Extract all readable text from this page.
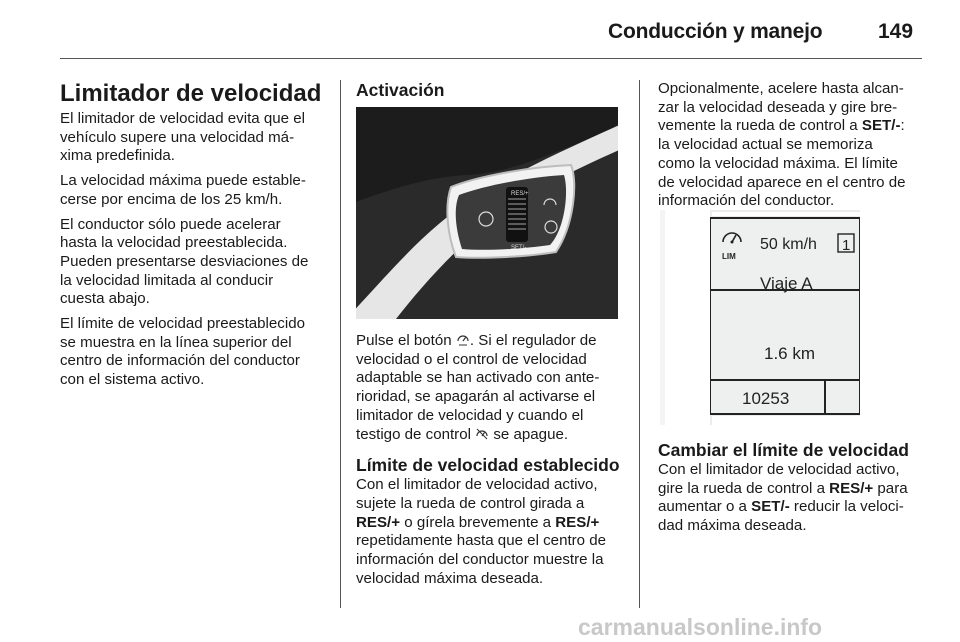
Conducción y manejo	149
Limitador de velocidad

El limitador de velocidad evita que el
vehículo supere una velocidad má-
xima predefinida.

La velocidad máxima puede estable-
cerse por encima de los 25 km/h.

El conductor sólo puede acelerar
hasta la velocidad preestablecida.
Pueden presentarse desviaciones de
la velocidad limitada al conducir
cuesta abajo.

El límite de velocidad preestablecido
se muestra en la línea superior del
centro de información del conductor
con el sistema activo.

Activación
RES/+
SET/-

Pulse el botón . Si el regulador de
velocidad o el control de velocidad
adaptable se han activado con ante-
rioridad, se apagarán al activarse el
limitador de velocidad y cuando el
testigo de control se apague.

Límite de velocidad establecido

Con el limitador de velocidad activo,
sujete la rueda de control girada a
RES/+ o gírela brevemente a RES/+
repetidamente hasta que el centro de
información del conductor muestre la
velocidad máxima deseada.

Opcionalmente, acelere hasta alcan-
zar la velocidad deseada y gire bre-
vemente la rueda de control a SET/-:
la velocidad actual se memoriza
como la velocidad máxima. El límite
de velocidad aparece en el centro de
información del conductor.

LIM
50 km/h 1
Viaje A
1.6 km
10253
Cambiar el límite de velocidad

Con el limitador de velocidad activo,
gire la rueda de control a RES/+ para
aumentar o a SET/- reducir la veloci-
dad máxima deseada.

carmanualsonline.info
